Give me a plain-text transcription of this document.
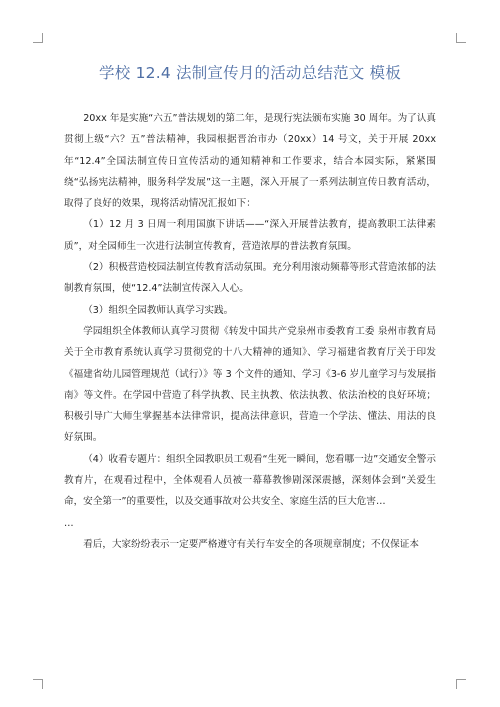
学校 12.4 法制宣传月的活动总结范文 模板

20xx 年是实施“六五”普法规划的第二年，是现行宪法颁布实施 30 周年。为了认真贯彻上级“六？五”普法精神，我园根据晋治市办（20xx）14 号文，关于开展 20xx 年“12.4”全国法制宣传日宣传活动的通知精神和工作要求，结合本园实际，紧紧围绕“弘扬宪法精神，服务科学发展”这一主题，深入开展了一系列法制宣传日教育活动，取得了良好的效果，现将活动情况汇报如下：

（1）12 月 3 日周一利用国旗下讲话——“深入开展普法教育，提高教职工法律素质”，对全园师生一次进行法制宣传教育，营造浓厚的普法教育氛围。

（2）积极营造校园法制宣传教育活动氛围。充分利用滚动频幕等形式营造浓郁的法制教育氛围，使“12.4”法制宣传深入人心。

（3）组织全园教师认真学习实践。

学园组织全体教师认真学习贯彻《转发中国共产党泉州市委教育工委 泉州市教育局关于全市教育系统认真学习贯彻党的十八大精神的通知》、学习福建省教育厅关于印发《福建省幼儿园管理规范（试行）》等 3 个文件的通知、学习《3-6 岁儿童学习与发展指南》等文件。在学园中营造了科学执教、民主执教、依法执教、依法治校的良好环境；积极引导广大师生掌握基本法律常识，提高法律意识，营造一个学法、懂法、用法的良好氛围。

（4）收看专题片：组织全园教职员工观看“生死一瞬间，您看哪一边”交通安全警示教育片，在观看过程中，全体观看人员被一幕幕教惨剧深深震撼，深刻体会到“关爱生命，安全第一”的重要性，以及交通事故对公共安全、家庭生活的巨大危害…

…

看后，大家纷纷表示一定要严格遵守有关行车安全的各项规章制度；不仅保证本
